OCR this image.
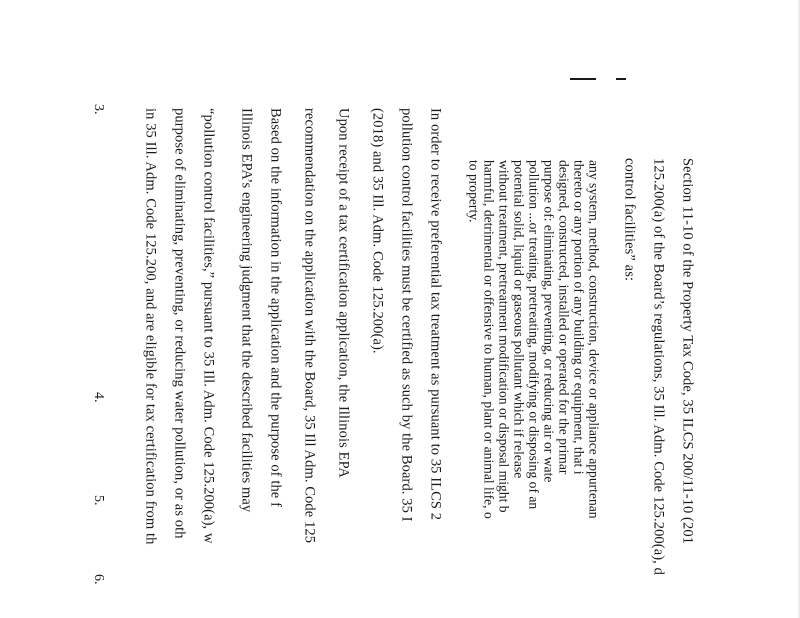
Section 11-10 of the Property Tax Code, 35 ILCS 200/11-10 (201
125.200(a) of the Board’s regulations, 35 Ill. Adm. Code 125.200(a), d
control facilities” as:
any system, method, construction, device or appliance appurtenan
thereto or any portion of any building or equipment, that i
designed, constructed, installed or operated for the primar
purpose of: eliminating, preventing, or reducing air or wate
pollution ...or treating, pretreating, modifying or disposing of an
potential solid, liquid or gaseous pollutant which if release
without treatment, pretreatment modification or disposal might b
harmful, detrimental or offensive to human, plant or animal life, o
to property.
In order to receive preferential tax treatment as pursuant to 35 ILCS 2
pollution control facilities must be certified as such by the Board. 35 I
(2018) and 35 Ill. Adm. Code 125.200(a).
Upon receipt of a tax certification application, the Illinois EPA
recommendation on the application with the Board, 35 Ill Adm. Code 125
Based on the information in the application and the purpose of the f
Illinois EPA’s engineering judgment that the described facilities may
“pollution control facilities,” pursuant to 35 Ill. Adm. Code 125.200(a), w
purpose of eliminating, preventing, or reducing water pollution, or as oth
in 35 Ill. Adm. Code 125.200, and are eligible for tax certification from th
3.
4.
5.
6.
